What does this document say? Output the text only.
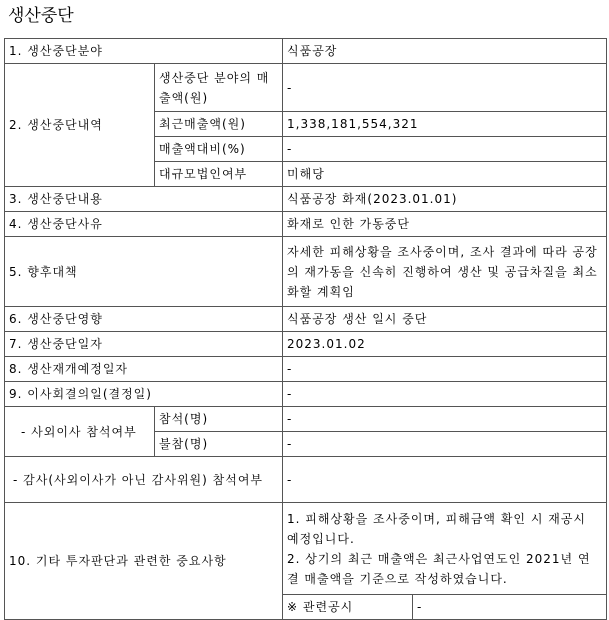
생산중단
1. 생산중단분야		식품공장	
2. 생산중단내역	생산중단 분야의 매출액(원)	-	
	최근매출액(원)	1,338,181,554,321	
	매출액대비(%)	-	
	대규모법인여부	미해당	
3. 생산중단내용		식품공장 화재(2023.01.01)	
4. 생산중단사유		화재로 인한 가동중단	
5. 향후대책		자세한 피해상황을 조사중이며, 조사 결과에 따라 공장의 재가동을 신속히 진행하여 생산 및 공급차질을 최소화할 계획임	
6. 생산중단영향		식품공장 생산 일시 중단	
7. 생산중단일자		2023.01.02	
8. 생산재개예정일자		-	
9. 이사회결의일(결정일)		-	
- 사외이사 참석여부	참석(명)	-	
	불참(명)	-	
- 감사(사외이사가 아닌 감사위원) 참석여부		-	
10. 기타 투자판단과 관련한 중요사항		1. 피해상황을 조사중이며, 피해금액 확인 시 재공시 예정입니다.
2. 상기의 최근 매출액은 최근사업연도인 2021년 연결 매출액을 기준으로 작성하였습니다.	

		※ 관련공시	-
